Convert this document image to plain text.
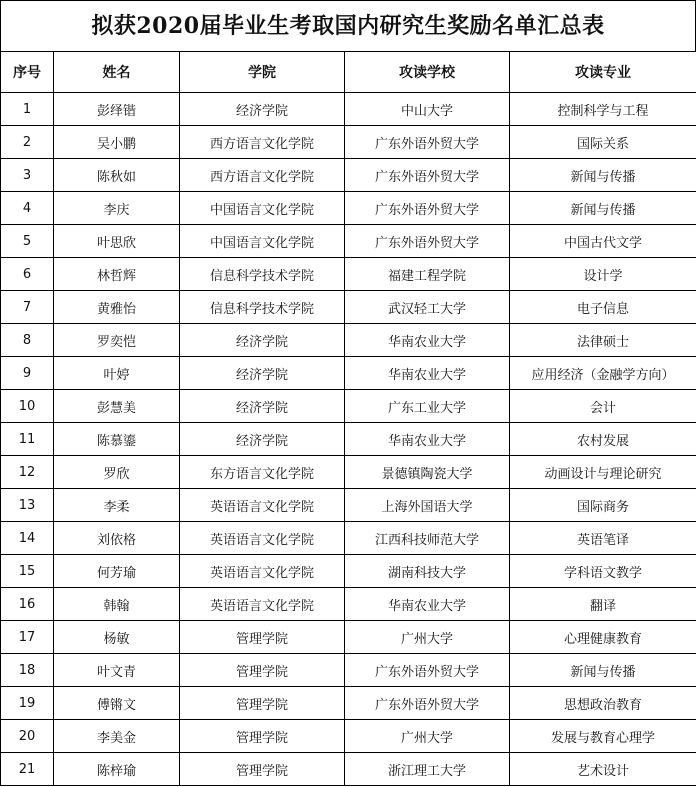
拟获2020届毕业生考取国内研究生奖励名单汇总表
序号	姓名	学院	攻读学校	攻读专业
1	彭绎锴	经济学院	中山大学	控制科学与工程
2	吴小鹏	西方语言文化学院	广东外语外贸大学	国际关系
3	陈秋如	西方语言文化学院	广东外语外贸大学	新闻与传播
4	李庆	中国语言文化学院	广东外语外贸大学	新闻与传播
5	叶思欣	中国语言文化学院	广东外语外贸大学	中国古代文学
6	林哲辉	信息科学技术学院	福建工程学院	设计学
7	黄雅怡	信息科学技术学院	武汉轻工大学	电子信息
8	罗奕恺	经济学院	华南农业大学	法律硕士
9	叶婷	经济学院	华南农业大学	应用经济（金融学方向）
10	彭慧美	经济学院	广东工业大学	会计
11	陈慕鎏	经济学院	华南农业大学	农村发展
12	罗欣	东方语言文化学院	景德镇陶瓷大学	动画设计与理论研究
13	李柔	英语语言文化学院	上海外国语大学	国际商务
14	刘依格	英语语言文化学院	江西科技师范大学	英语笔译
15	何芳瑜	英语语言文化学院	湖南科技大学	学科语文教学
16	韩翰	英语语言文化学院	华南农业大学	翻译
17	杨敏	管理学院	广州大学	心理健康教育
18	叶文青	管理学院	广东外语外贸大学	新闻与传播
19	傅锵文	管理学院	广东外语外贸大学	思想政治教育
20	李美金	管理学院	广州大学	发展与教育心理学
21	陈梓瑜	管理学院	浙江理工大学	艺术设计
